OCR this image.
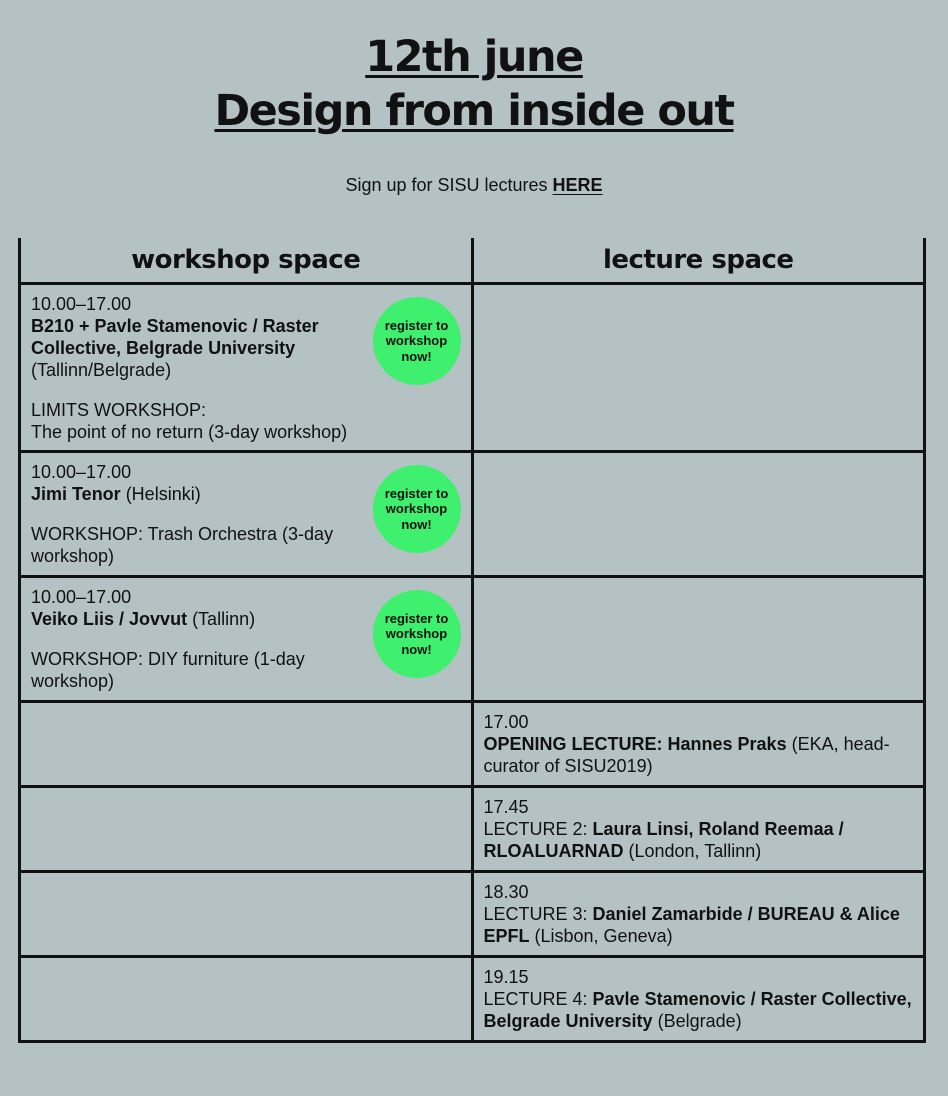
12th june
Design from inside out
Sign up for SISU lectures HERE
workshop space	lecture space

10.00–17.00
B210 + Pavle Stamenovic / Raster Collective, Belgrade University (Tallinn/Belgrade)
LIMITS WORKSHOP:
The point of no return (3-day workshop)
register to workshop now!	

10.00–17.00
Jimi Tenor (Helsinki)
WORKSHOP: Trash Orchestra (3-day workshop)
register to workshop now!	

10.00–17.00
Veiko Liis / Jovvut (Tallinn)
WORKSHOP: DIY furniture (1-day workshop)
register to workshop now!	

	17.00
OPENING LECTURE: Hannes Praks (EKA, head-curator of SISU2019)

	17.45
LECTURE 2: Laura Linsi, Roland Reemaa / RLOALUARNAD (London, Tallinn)

	18.30
LECTURE 3: Daniel Zamarbide / BUREAU & Alice EPFL (Lisbon, Geneva)

	19.15
LECTURE 4: Pavle Stamenovic / Raster Collective, Belgrade University (Belgrade)
